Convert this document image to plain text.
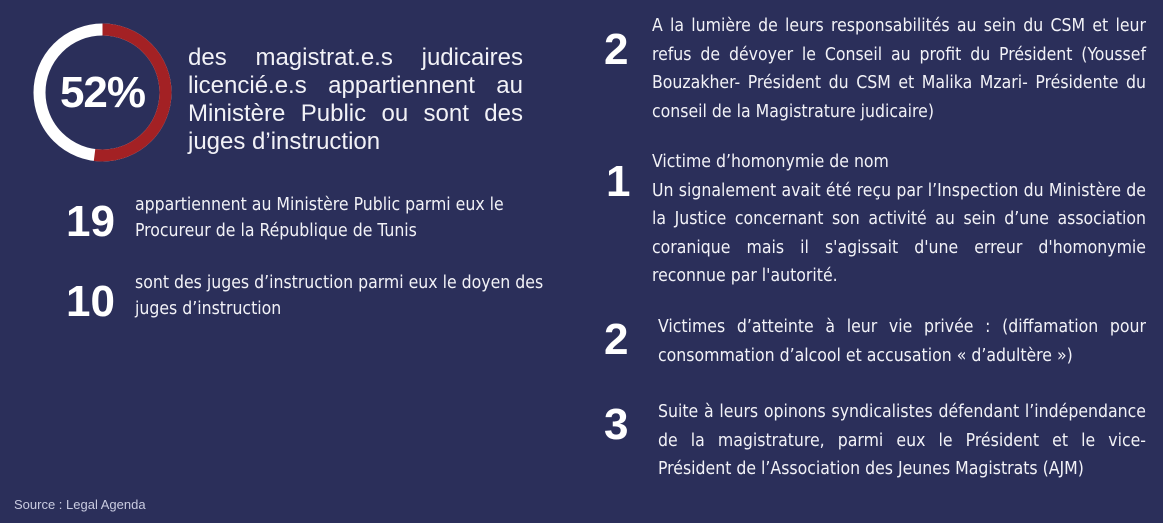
52%
des magistrat.e.s judicaires licencié.e.s appartiennent au Ministère Public ou sont des juges d’instruction
19 appartiennent au Ministère Public parmi eux le Procureur de la République de Tunis
10 sont des juges d’instruction parmi eux le doyen des juges d’instruction
2 A la lumière de leurs responsabilités au sein du CSM et leur refus de dévoyer le Conseil au profit du Président (Youssef Bouzakher- Président du CSM et Malika Mzari- Présidente du conseil de la Magistrature judicaire)
1 Victime d’homonymie de nom
Un signalement avait été reçu par l’Inspection du Ministère de la Justice concernant son activité au sein d’une association coranique mais il s'agissait d'une erreur d'homonymie reconnue par l'autorité.
2 Victimes d’atteinte à leur vie privée : (diffamation pour consommation d’alcool et accusation « d’adultère »)
3 Suite à leurs opinons syndicalistes défendant l’indépendance de la magistrature, parmi eux le Président et le vice-Président de l’Association des Jeunes Magistrats (AJM)
Source : Legal Agenda
